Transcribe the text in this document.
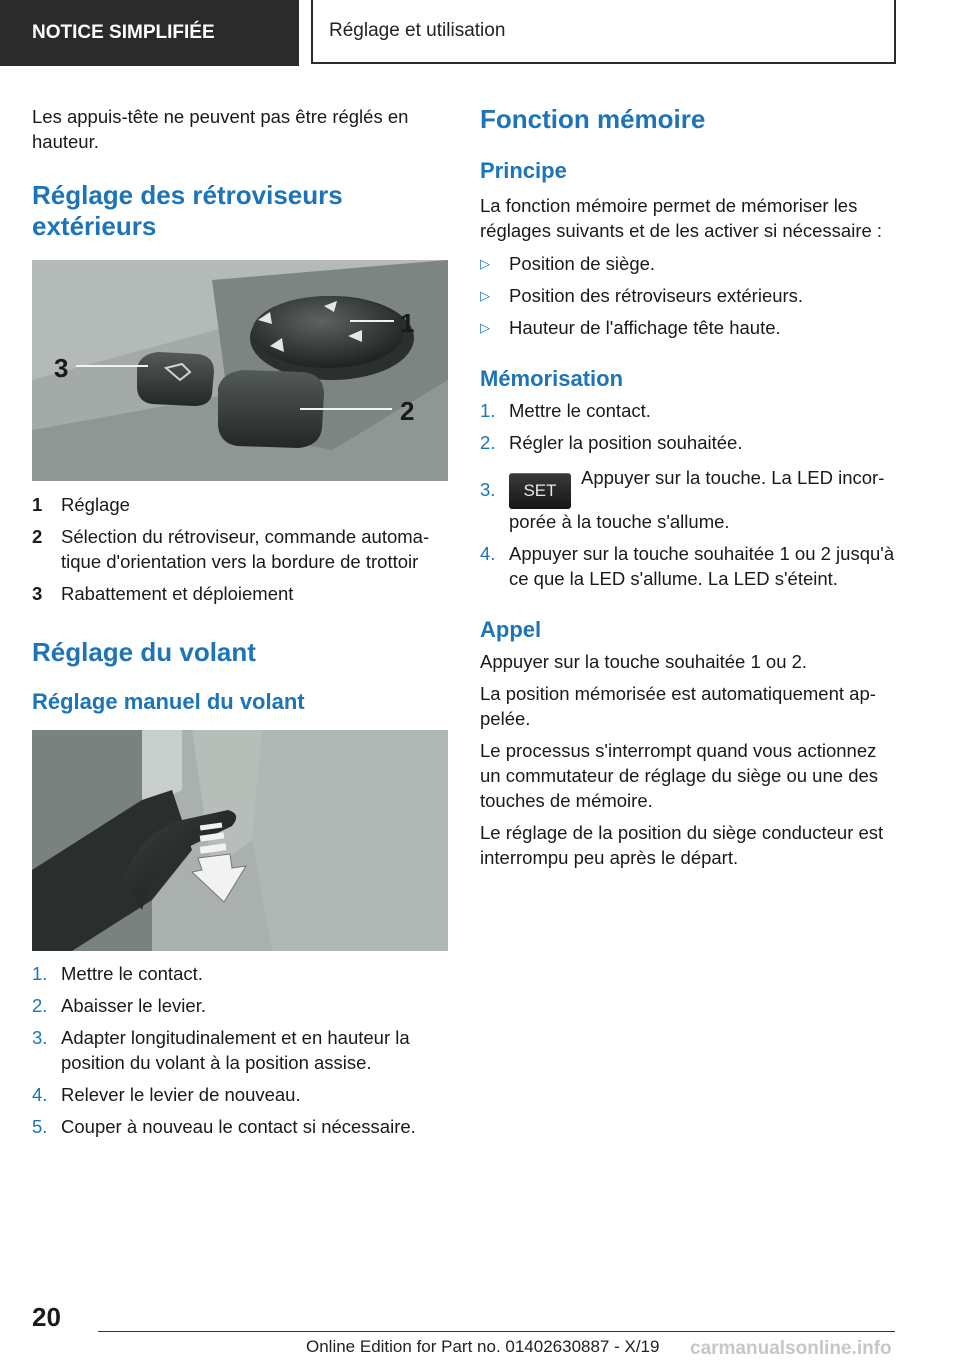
NOTICE SIMPLIFIÉE	Réglage et utilisation

Les appuis-tête ne peuvent pas être réglés en hauteur.

Réglage des rétroviseurs extérieurs
1
2
3
1 Réglage
2 Sélection du rétroviseur, commande automatique d'orientation vers la bordure de trottoir
3 Rabattement et déploiement
Réglage du volant
Réglage manuel du volant
1. Mettre le contact.
2. Abaisser le levier.
3. Adapter longitudinalement et en hauteur la position du volant à la position assise.
4. Relever le levier de nouveau.
5. Couper à nouveau le contact si nécessaire.
Fonction mémoire
Principe

La fonction mémoire permet de mémoriser les réglages suivants et de les activer si nécessaire :

▷ Position de siège.
▷ Position des rétroviseurs extérieurs.
▷ Hauteur de l'affichage tête haute.
Mémorisation
1. Mettre le contact.
2. Régler la position souhaitée.
3. SETAppuyer sur la touche. La LED incorporée à la touche s'allume.
4. Appuyer sur la touche souhaitée 1 ou 2 jusqu'à ce que la LED s'allume. La LED s'éteint.
Appel

Appuyer sur la touche souhaitée 1 ou 2.

La position mémorisée est automatiquement appelée.

Le processus s'interrompt quand vous actionnez un commutateur de réglage du siège ou une des touches de mémoire.

Le réglage de la position du siège conducteur est interrompu peu après le départ.

20
Online Edition for Part no. 01402630887 - X/19 carmanualsonline.info
